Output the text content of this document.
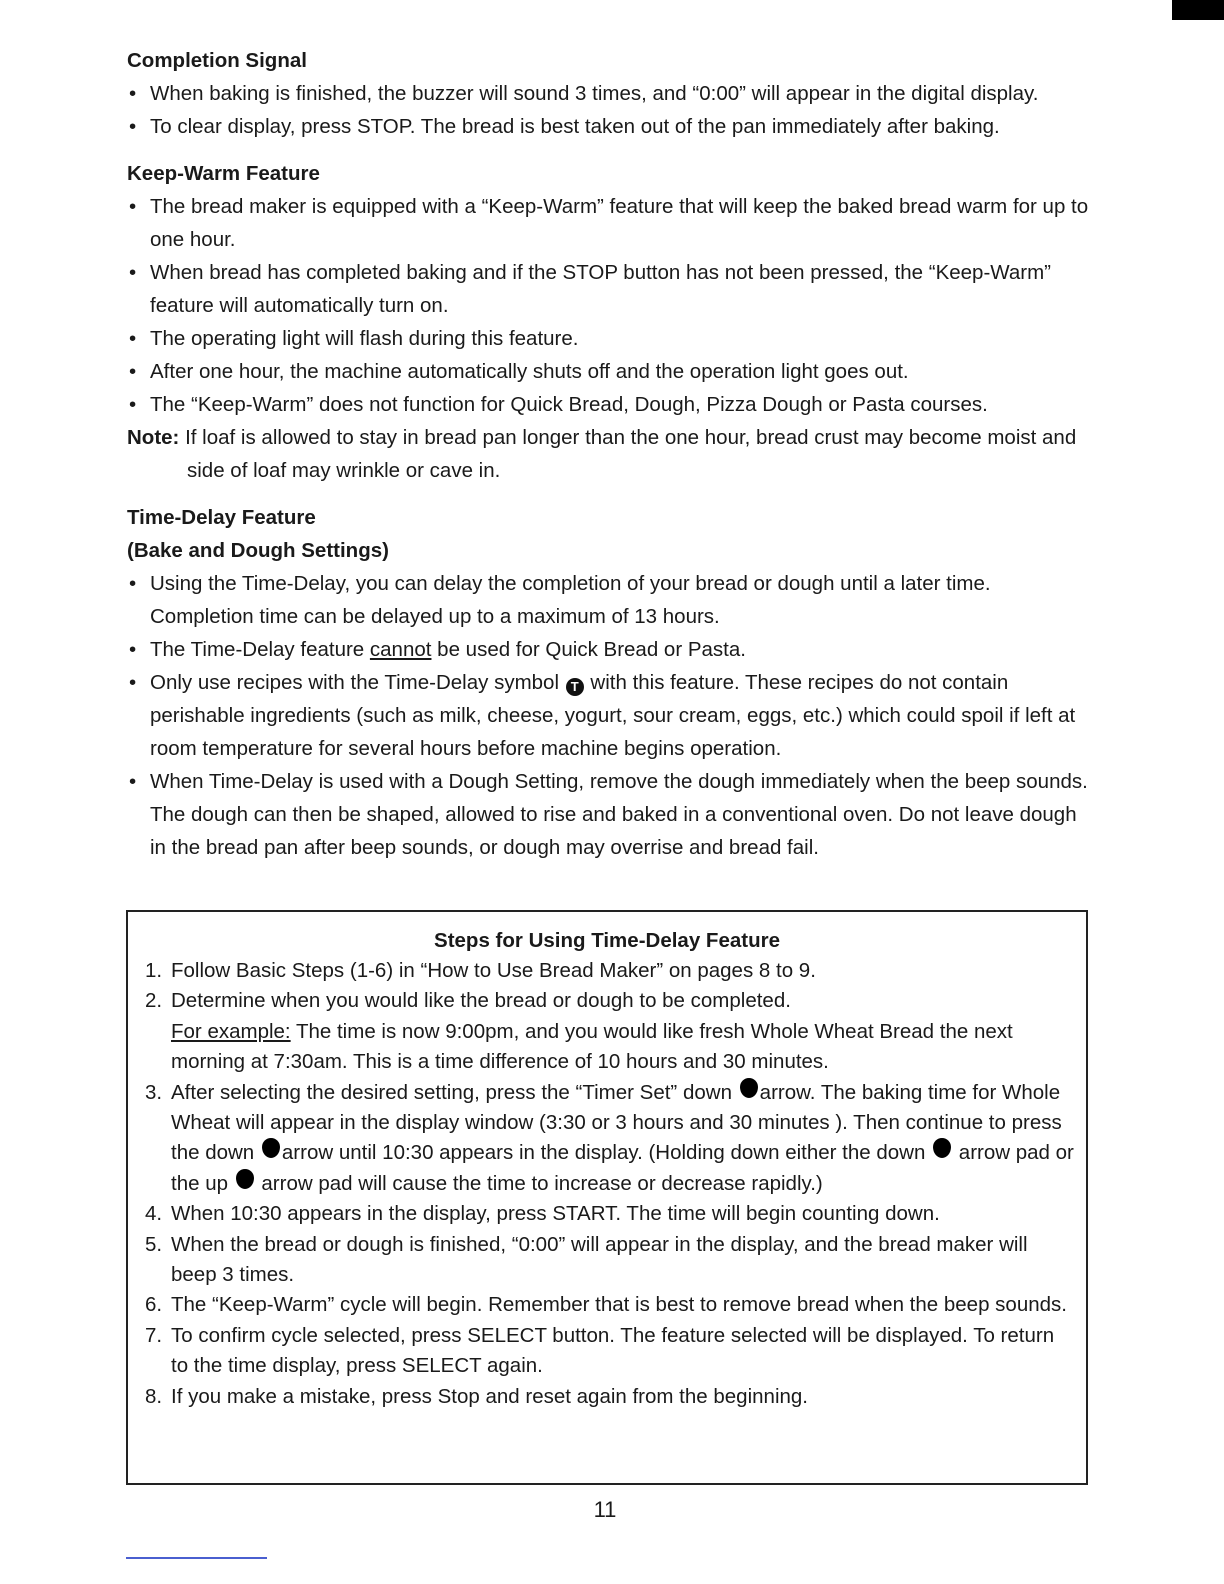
Completion Signal
• When baking is finished, the buzzer will sound 3 times, and “0:00” will appear in the digital display.
• To clear display, press STOP. The bread is best taken out of the pan immediately after baking.
Keep-Warm Feature
• The bread maker is equipped with a “Keep-Warm” feature that will keep the baked bread warm for up to one hour.
• When bread has completed baking and if the STOP button has not been pressed, the “Keep-Warm” feature will automatically turn on.
• The operating light will flash during this feature.
• After one hour, the machine automatically shuts off and the operation light goes out.
• The “Keep-Warm” does not function for Quick Bread, Dough, Pizza Dough or Pasta courses.
Note: If loaf is allowed to stay in bread pan longer than the one hour, bread crust may become moist and side of loaf may wrinkle or cave in.
Time-Delay Feature
(Bake and Dough Settings)
• Using the Time-Delay, you can delay the completion of your bread or dough until a later time. Completion time can be delayed up to a maximum of 13 hours.
• The Time-Delay feature cannot be used for Quick Bread or Pasta.
• Only use recipes with the Time-Delay symbol T with this feature. These recipes do not contain perishable ingredients (such as milk, cheese, yogurt, sour cream, eggs, etc.) which could spoil if left at room temperature for several hours before machine begins operation.
• When Time-Delay is used with a Dough Setting, remove the dough immediately when the beep sounds. The dough can then be shaped, allowed to rise and baked in a conventional oven. Do not leave dough in the bread pan after beep sounds, or dough may overrise and bread fail.
Steps for Using Time-Delay Feature
1. Follow Basic Steps (1-6) in “How to Use Bread Maker” on pages 8 to 9.
2. Determine when you would like the bread or dough to be completed.
For example: The time is now 9:00pm, and you would like fresh Whole Wheat Bread the next morning at 7:30am. This is a time difference of 10 hours and 30 minutes.
3. After selecting the desired setting, press the “Timer Set” down arrow. The baking time for Whole Wheat will appear in the display window (3:30 or 3 hours and 30 minutes ). Then continue to press the down arrow until 10:30 appears in the display. (Holding down either the down arrow pad or the up arrow pad will cause the time to increase or decrease rapidly.)
4. When 10:30 appears in the display, press START. The time will begin counting down.
5. When the bread or dough is finished, “0:00” will appear in the display, and the bread maker will beep 3 times.
6. The “Keep-Warm” cycle will begin. Remember that is best to remove bread when the beep sounds.
7. To confirm cycle selected, press SELECT button. The feature selected will be displayed. To return to the time display, press SELECT again.
8. If you make a mistake, press Stop and reset again from the beginning.
11
